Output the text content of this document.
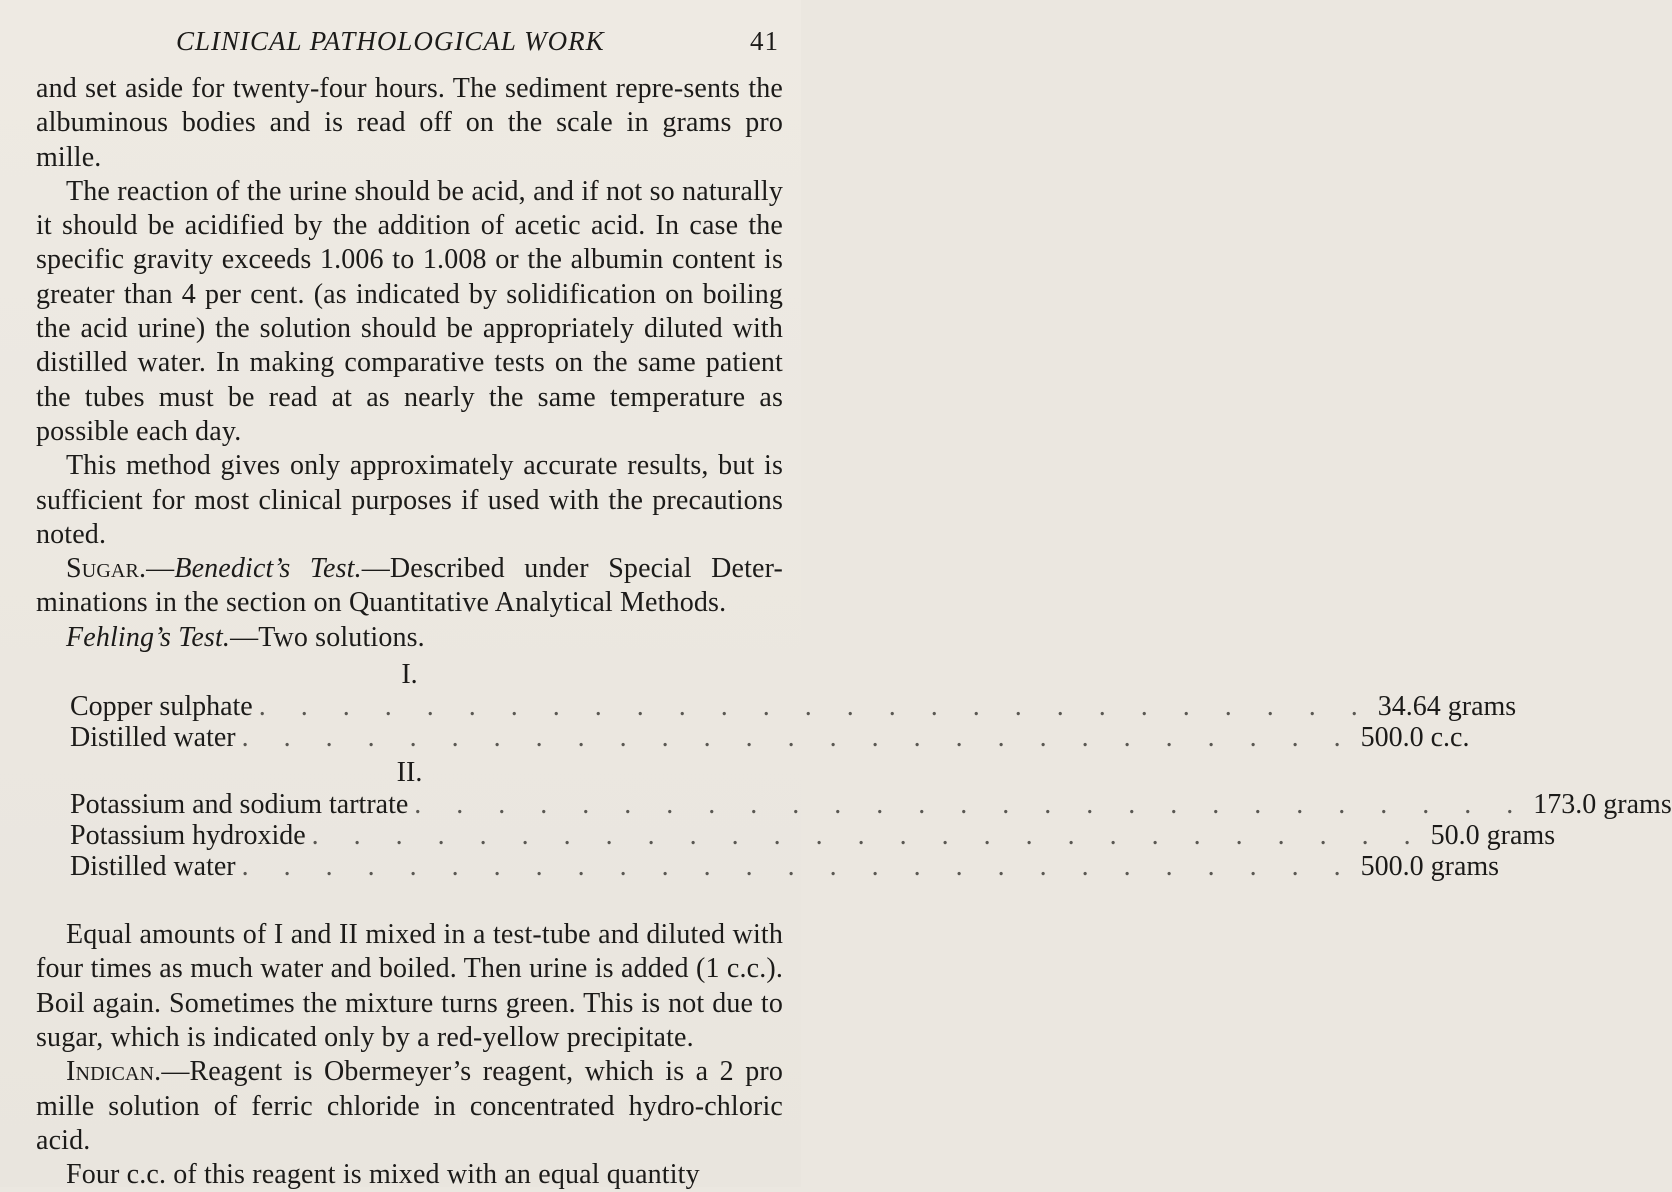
CLINICAL PATHOLOGICAL WORK	41

and set aside for twenty-four hours. The sediment repre-sents the albuminous bodies and is read off on the scale in grams pro mille.

The reaction of the urine should be acid, and if not so naturally it should be acidified by the addition of acetic acid. In case the specific gravity exceeds 1.006 to 1.008 or the albumin content is greater than 4 per cent. (as indicated by solidification on boiling the acid urine) the solution should be appropriately diluted with distilled water. In making comparative tests on the same patient the tubes must be read at as nearly the same temperature as possible each day.

This method gives only approximately accurate results, but is sufficient for most clinical purposes if used with the precautions noted.

Sugar.—Benedict’s Test.—Described under Special Deter-minations in the section on Quantitative Analytical Methods.

Fehling’s Test.—Two solutions.

I.
Copper sulphate . . . . . . . . . . . . . . . . . . . . . . . . . . . 34.64 grams
Distilled water . . . . . . . . . . . . . . . . . . . . . . . . . . . 500.0 c.c.
II.
Potassium and sodium tartrate . . . . . . . . . . . . . . . . . . . . . . . . . . . 173.0 grams
Potassium hydroxide . . . . . . . . . . . . . . . . . . . . . . . . . . . 50.0 grams
Distilled water . . . . . . . . . . . . . . . . . . . . . . . . . . . 500.0 grams

Equal amounts of I and II mixed in a test-tube and diluted with four times as much water and boiled. Then urine is added (1 c.c.). Boil again. Sometimes the mixture turns green. This is not due to sugar, which is indicated only by a red-yellow precipitate.

Indican.—Reagent is Obermeyer’s reagent, which is a 2 pro mille solution of ferric chloride in concentrated hydro-chloric acid.

Four c.c. of this reagent is mixed with an equal quantity
